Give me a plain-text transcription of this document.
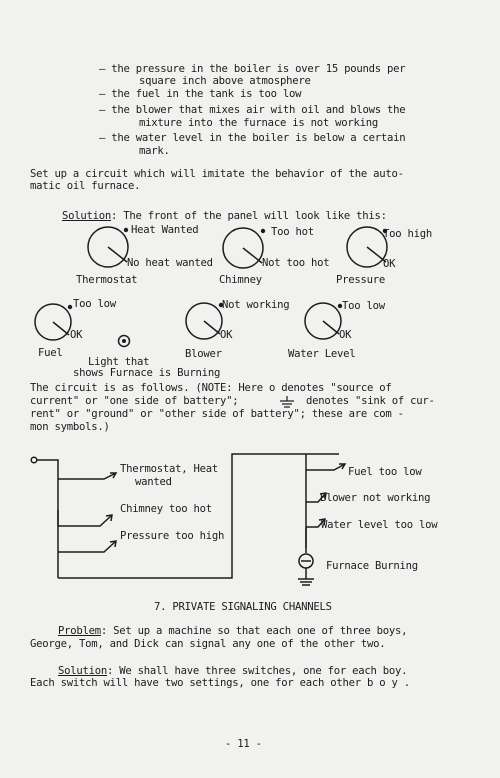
— the pressure in the boiler is over 15 pounds per
square inch above atmosphere
— the fuel in the tank is too low
— the blower that mixes air with oil and blows the
mixture into the furnace is not working
— the water level in the boiler is below a certain
mark.
Set up a circuit which will imitate the behavior of the auto-
matic oil furnace.
Solution: The front of the panel will look like this:
Heat Wanted
No heat wanted
Thermostat
Too hot
Not too hot
Chimney
Too high
OK
Pressure
Too low
OK
Fuel
Not working
OK
Blower
Too low
OK
Water Level
Light that
shows Furnace is Burning
The circuit is as follows. (NOTE: Here o denotes "source of
current" or "one side of battery";	denotes "sink of cur-
rent" or "ground" or "other side of battery"; these are com -
mon symbols.)
Thermostat, Heat
wanted
Chimney too hot
Pressure too high
Fuel too low
Blower not working
Water level too low
Furnace Burning
7. PRIVATE SIGNALING CHANNELS
Problem: Set up a machine so that each one of three boys,
George, Tom, and Dick can signal any one of the other two.
Solution: We shall have three switches, one for each boy.
Each switch will have two settings, one for each other b o y .
- 11 -
